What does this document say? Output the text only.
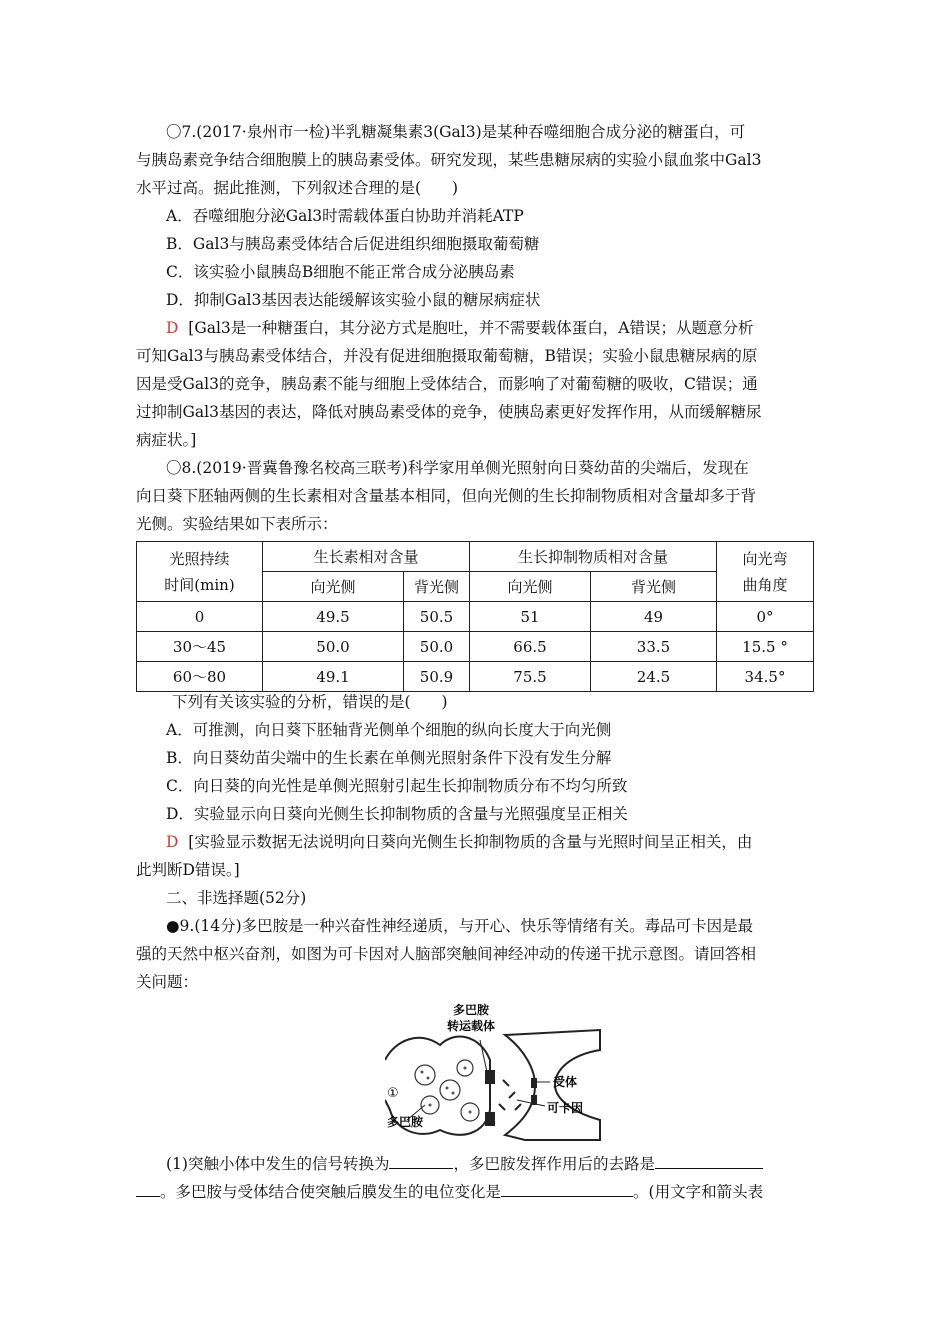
〇7.(2017·泉州市一检)半乳糖凝集素3(Gal3)是某种吞噬细胞合成分泌的糖蛋白，可
与胰岛素竞争结合细胞膜上的胰岛素受体。研究发现，某些患糖尿病的实验小鼠血浆中Gal3
水平过高。据此推测，下列叙述合理的是(　　)
A．吞噬细胞分泌Gal3时需载体蛋白协助并消耗ATP
B．Gal3与胰岛素受体结合后促进组织细胞摄取葡萄糖
C．该实验小鼠胰岛B细胞不能正常合成分泌胰岛素
D．抑制Gal3基因表达能缓解该实验小鼠的糖尿病症状
D [Gal3是一种糖蛋白，其分泌方式是胞吐，并不需要载体蛋白，A错误；从题意分析
可知Gal3与胰岛素受体结合，并没有促进细胞摄取葡萄糖，B错误；实验小鼠患糖尿病的原
因是受Gal3的竞争，胰岛素不能与细胞上受体结合，而影响了对葡萄糖的吸收，C错误；通
过抑制Gal3基因的表达，降低对胰岛素受体的竞争，使胰岛素更好发挥作用，从而缓解糖尿
病症状。]
〇8.(2019·晋冀鲁豫名校高三联考)科学家用单侧光照射向日葵幼苗的尖端后，发现在
向日葵下胚轴两侧的生长素相对含量基本相同，但向光侧的生长抑制物质相对含量却多于背
光侧。实验结果如下表所示：
光照持续
时间(min)	生长素相对含量		生长抑制物质相对含量		向光弯
曲角度
	向光侧	背光侧	向光侧	背光侧	
0	49.5	50.5	51	49	0°
30～45	50.0	50.0	66.5	33.5	15.5 °
60～80	49.1	50.9	75.5	24.5	34.5°
下列有关该实验的分析，错误的是(　　)
A．可推测，向日葵下胚轴背光侧单个细胞的纵向长度大于向光侧
B．向日葵幼苗尖端中的生长素在单侧光照射条件下没有发生分解
C．向日葵的向光性是单侧光照射引起生长抑制物质分布不均匀所致
D．实验显示向日葵向光侧生长抑制物质的含量与光照强度呈正相关
D [实验显示数据无法说明向日葵向光侧生长抑制物质的含量与光照时间呈正相关，由
此判断D错误。]
二、非选择题(52分)
●9.(14分)多巴胺是一种兴奋性神经递质，与开心、快乐等情绪有关。毒品可卡因是最
强的天然中枢兴奋剂，如图为可卡因对人脑部突触间神经冲动的传递干扰示意图。请回答相
关问题：
多巴胺
转运载体
受体
可卡因
①
多巴胺
(1)突触小体中发生的信号转换为	，多巴胺发挥作用后的去路是
。多巴胺与受体结合使突触后膜发生的电位变化是	。(用文字和箭头表
